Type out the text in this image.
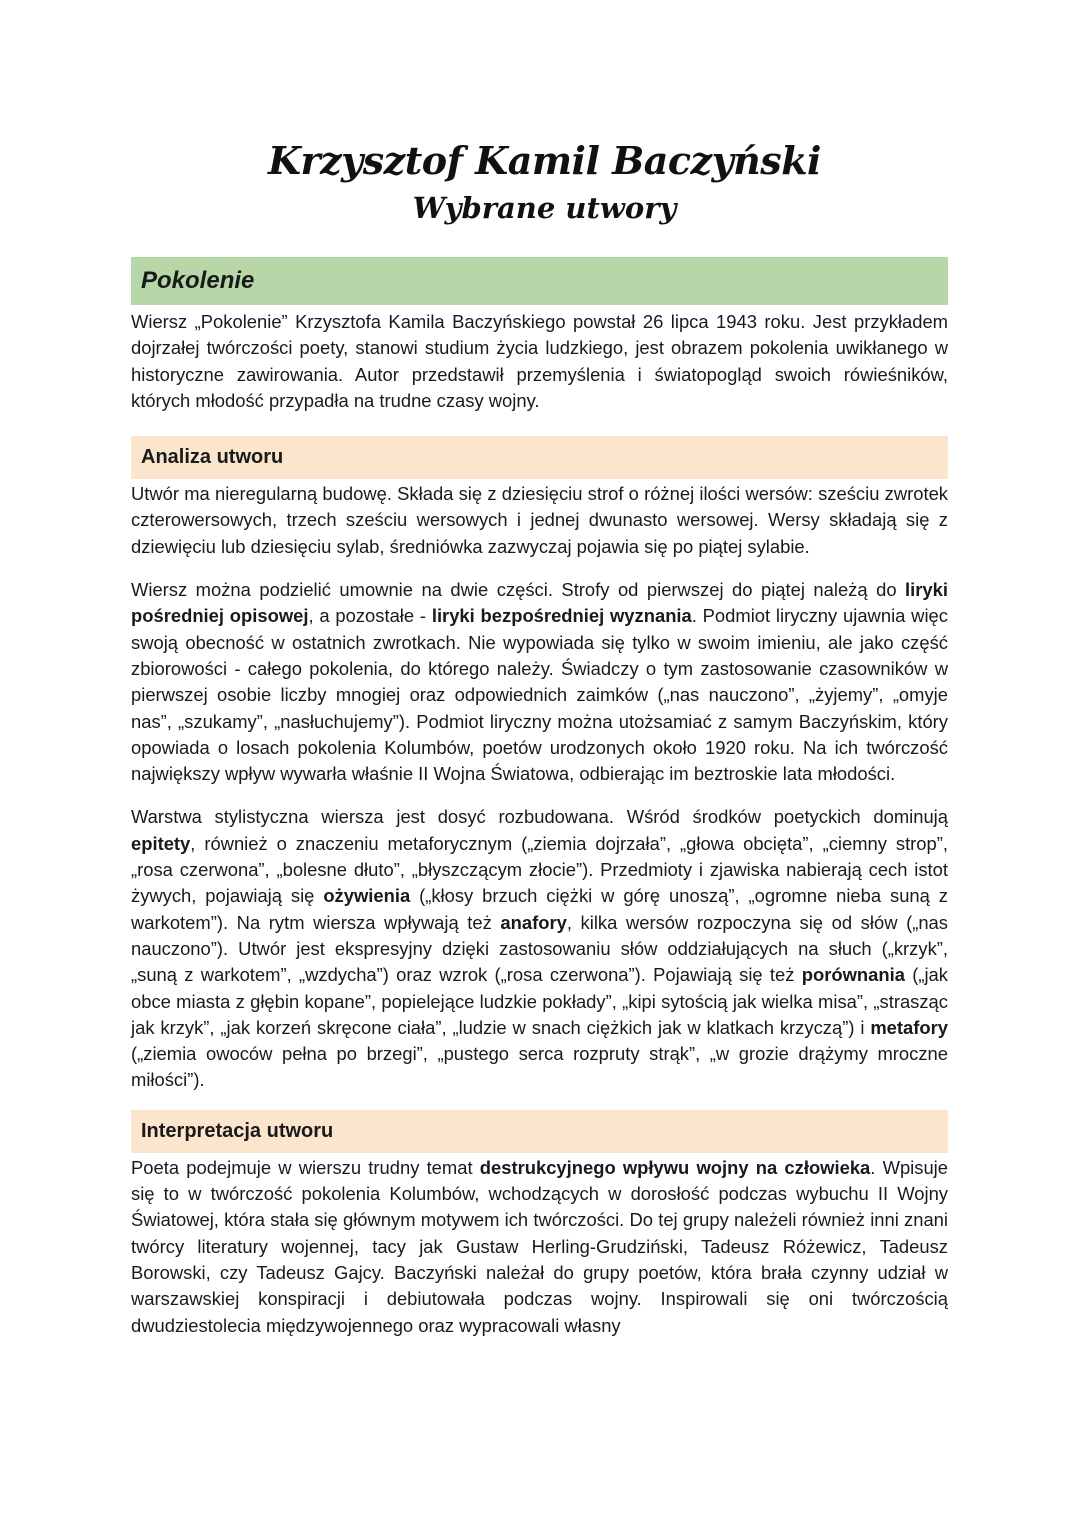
Krzysztof Kamil Baczyński
Wybrane utwory
Pokolenie

Wiersz „Pokolenie” Krzysztofa Kamila Baczyńskiego powstał 26 lipca 1943 roku. Jest przykładem dojrzałej twórczości poety, stanowi studium życia ludzkiego, jest obrazem pokolenia uwikłanego w historyczne zawirowania. Autor przedstawił przemyślenia i światopogląd swoich rówieśników, których młodość przypadła na trudne czasy wojny.

Analiza utworu

Utwór ma nieregularną budowę. Składa się z dziesięciu strof o różnej ilości wersów: sześciu zwrotek czterowersowych, trzech sześciu wersowych i jednej dwunasto wersowej. Wersy składają się z dziewięciu lub dziesięciu sylab, średniówka zazwyczaj pojawia się po piątej sylabie.

Wiersz można podzielić umownie na dwie części. Strofy od pierwszej do piątej należą do liryki pośredniej opisowej, a pozostałe - liryki bezpośredniej wyznania. Podmiot liryczny ujawnia więc swoją obecność w ostatnich zwrotkach. Nie wypowiada się tylko w swoim imieniu, ale jako część zbiorowości - całego pokolenia, do którego należy. Świadczy o tym zastosowanie czasowników w pierwszej osobie liczby mnogiej oraz odpowiednich zaimków („nas nauczono”, „żyjemy”, „omyje nas”, „szukamy”, „nasłuchujemy”). Podmiot liryczny można utożsamiać z samym Baczyńskim, który opowiada o losach pokolenia Kolumbów, poetów urodzonych około 1920 roku. Na ich twórczość największy wpływ wywarła właśnie II Wojna Światowa, odbierając im beztroskie lata młodości.

Warstwa stylistyczna wiersza jest dosyć rozbudowana. Wśród środków poetyckich dominują epitety, również o znaczeniu metaforycznym („ziemia dojrzała”, „głowa obcięta”, „ciemny strop”, „rosa czerwona”, „bolesne dłuto”, „błyszczącym złocie”). Przedmioty i zjawiska nabierają cech istot żywych, pojawiają się ożywienia („kłosy brzuch ciężki w górę unoszą”, „ogromne nieba suną z warkotem”). Na rytm wiersza wpływają też anafory, kilka wersów rozpoczyna się od słów („nas nauczono”). Utwór jest ekspresyjny dzięki zastosowaniu słów oddziałujących na słuch („krzyk”, „suną z warkotem”, „wzdycha”) oraz wzrok („rosa czerwona”). Pojawiają się też porównania („jak obce miasta z głębin kopane”, popielejące ludzkie pokłady”, „kipi sytością jak wielka misa”, „strasząc jak krzyk”, „jak korzeń skręcone ciała”, „ludzie w snach ciężkich jak w klatkach krzyczą”) i metafory („ziemia owoców pełna po brzegi”, „pustego serca rozpruty strąk”, „w grozie drążymy mroczne miłości”).

Interpretacja utworu

Poeta podejmuje w wierszu trudny temat destrukcyjnego wpływu wojny na człowieka. Wpisuje się to w twórczość pokolenia Kolumbów, wchodzących w dorosłość podczas wybuchu II Wojny Światowej, która stała się głównym motywem ich twórczości. Do tej grupy należeli również inni znani twórcy literatury wojennej, tacy jak Gustaw Herling-Grudziński, Tadeusz Różewicz, Tadeusz Borowski, czy Tadeusz Gajcy. Baczyński należał do grupy poetów, która brała czynny udział w warszawskiej konspiracji i debiutowała podczas wojny. Inspirowali się oni twórczością dwudziestolecia międzywojennego oraz wypracowali własny
